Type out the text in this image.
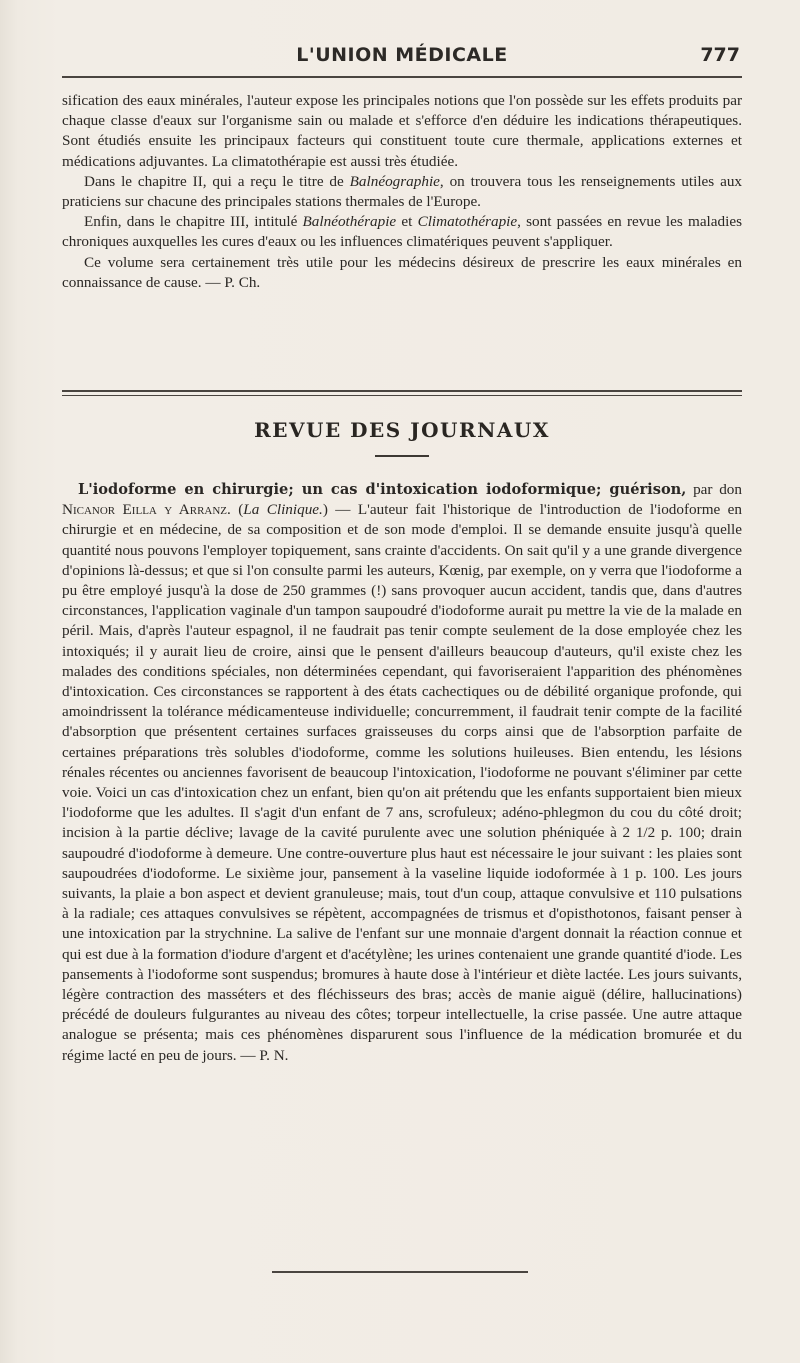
L'UNION MÉDICALE	777

sification des eaux minérales, l'auteur expose les principales notions que l'on possède sur les effets produits par chaque classe d'eaux sur l'organisme sain ou malade et s'efforce d'en déduire les indications thérapeutiques. Sont étudiés ensuite les principaux facteurs qui constituent toute cure thermale, applications externes et médications adjuvantes. La climatothérapie est aussi très étudiée.

Dans le chapitre II, qui a reçu le titre de Balnéographie, on trouvera tous les renseignements utiles aux praticiens sur chacune des principales stations thermales de l'Europe.

Enfin, dans le chapitre III, intitulé Balnéothérapie et Climatothérapie, sont passées en revue les maladies chroniques auxquelles les cures d'eaux ou les influences climatériques peuvent s'appliquer.

Ce volume sera certainement très utile pour les médecins désireux de prescrire les eaux minérales en connaissance de cause. — P. Ch.

REVUE DES JOURNAUX

L'iodoforme en chirurgie; un cas d'intoxication iodoformique; guérison, par don Nicanor Eilla y Arranz. (La Clinique.) — L'auteur fait l'historique de l'introduction de l'iodoforme en chirurgie et en médecine, de sa composition et de son mode d'emploi. Il se demande ensuite jusqu'à quelle quantité nous pouvons l'employer topiquement, sans crainte d'accidents. On sait qu'il y a une grande divergence d'opinions là-dessus; et que si l'on consulte parmi les auteurs, Kœnig, par exemple, on y verra que l'iodoforme a pu être employé jusqu'à la dose de 250 grammes (!) sans provoquer aucun accident, tandis que, dans d'autres circonstances, l'application vaginale d'un tampon saupoudré d'iodoforme aurait pu mettre la vie de la malade en péril. Mais, d'après l'auteur espagnol, il ne faudrait pas tenir compte seulement de la dose employée chez les intoxiqués; il y aurait lieu de croire, ainsi que le pensent d'ailleurs beaucoup d'auteurs, qu'il existe chez les malades des conditions spéciales, non déterminées cependant, qui favoriseraient l'apparition des phénomènes d'intoxication. Ces circonstances se rapportent à des états cachectiques ou de débilité organique profonde, qui amoindrissent la tolérance médicamenteuse individuelle; concurremment, il faudrait tenir compte de la facilité d'absorption que présentent certaines surfaces graisseuses du corps ainsi que de l'absorption parfaite de certaines préparations très solubles d'iodoforme, comme les solutions huileuses. Bien entendu, les lésions rénales récentes ou anciennes favorisent de beaucoup l'intoxication, l'iodoforme ne pouvant s'éliminer par cette voie. Voici un cas d'intoxication chez un enfant, bien qu'on ait prétendu que les enfants supportaient bien mieux l'iodoforme que les adultes. Il s'agit d'un enfant de 7 ans, scrofuleux; adéno-phlegmon du cou du côté droit; incision à la partie déclive; lavage de la cavité purulente avec une solution phéniquée à 2 1/2 p. 100; drain saupoudré d'iodoforme à demeure. Une contre-ouverture plus haut est nécessaire le jour suivant : les plaies sont saupoudrées d'iodoforme. Le sixième jour, pansement à la vaseline liquide iodoformée à 1 p. 100. Les jours suivants, la plaie a bon aspect et devient granuleuse; mais, tout d'un coup, attaque convulsive et 110 pulsations à la radiale; ces attaques convulsives se répètent, accompagnées de trismus et d'opisthotonos, faisant penser à une intoxication par la strychnine. La salive de l'enfant sur une monnaie d'argent donnait la réaction connue et qui est due à la formation d'iodure d'argent et d'acétylène; les urines contenaient une grande quantité d'iode. Les pansements à l'iodoforme sont suspendus; bromures à haute dose à l'intérieur et diète lactée. Les jours suivants, légère contraction des masséters et des fléchisseurs des bras; accès de manie aiguë (délire, hallucinations) précédé de douleurs fulgurantes au niveau des côtes; torpeur intellectuelle, la crise passée. Une autre attaque analogue se présenta; mais ces phénomènes disparurent sous l'influence de la médication bromurée et du régime lacté en peu de jours. — P. N.
